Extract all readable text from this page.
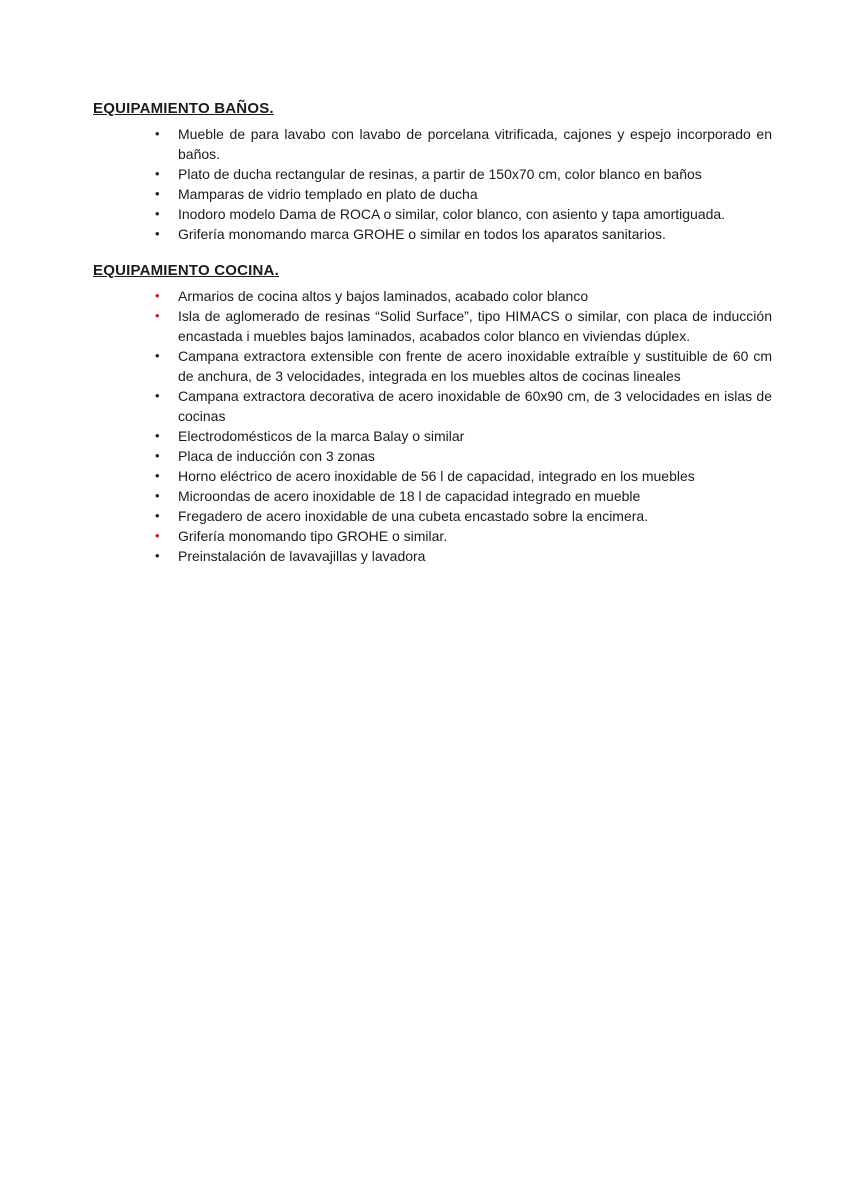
EQUIPAMIENTO BAÑOS.
•	Mueble de para lavabo con lavabo de porcelana vitrificada, cajones y espejo incorporado en baños.
•	Plato de ducha rectangular de resinas, a partir de 150x70 cm, color blanco en baños
•	Mamparas de vidrio templado en plato de ducha
•	Inodoro modelo Dama de ROCA o similar, color blanco, con asiento y tapa amortiguada.
•	Grifería monomando marca GROHE o similar en todos los aparatos sanitarios.
EQUIPAMIENTO COCINA.
•	Armarios de cocina altos y bajos laminados, acabado color blanco
•	Isla de aglomerado de resinas “Solid Surface”, tipo HIMACS o similar, con placa de inducción encastada i muebles bajos laminados, acabados color blanco en viviendas dúplex.
•	Campana extractora extensible con frente de acero inoxidable extraíble y sustituible de 60 cm de anchura, de 3 velocidades, integrada en los muebles altos de cocinas lineales
•	Campana extractora decorativa de acero inoxidable de 60x90 cm, de 3 velocidades en islas de cocinas
•	Electrodomésticos de la marca Balay o similar
•	Placa de inducción con 3 zonas
•	Horno eléctrico de acero inoxidable de 56 l de capacidad, integrado en los muebles
•	Microondas de acero inoxidable de 18 l de capacidad integrado en mueble
•	Fregadero de acero inoxidable de una cubeta encastado sobre la encimera.
•	Grifería monomando tipo GROHE o similar.
•	Preinstalación de lavavajillas y lavadora
